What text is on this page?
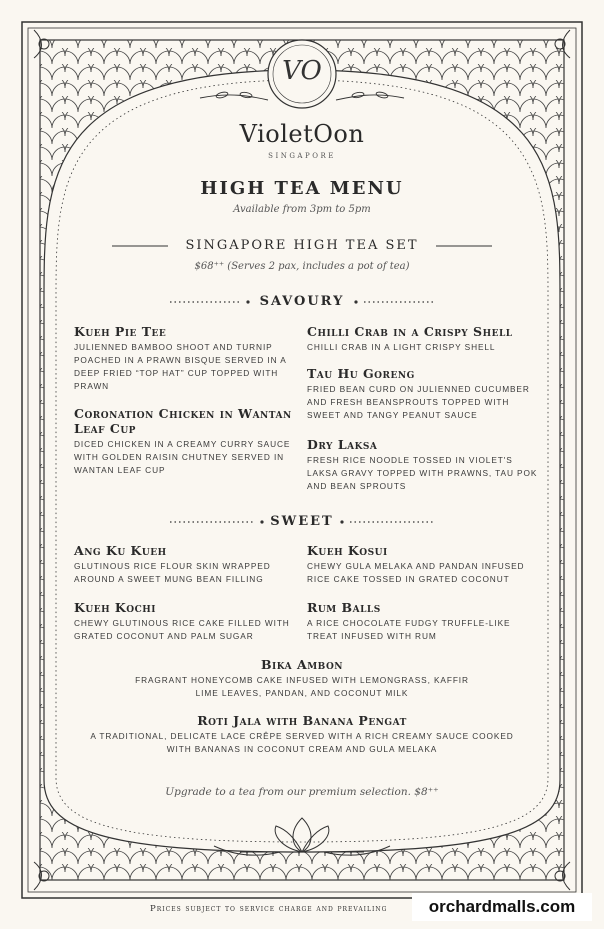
VO
VioletOon
SINGAPORE
HIGH TEA MENU
Available from 3pm to 5pm
SINGAPORE HIGH TEA SET
$68⁺⁺ (Serves 2 pax, includes a pot of tea)
SAVOURY
Kueh Pie Tee
JULIENNED BAMBOO SHOOT AND TURNIP POACHED IN A PRAWN BISQUE SERVED IN A DEEP FRIED “TOP HAT” CUP TOPPED WITH PRAWN
Coronation Chicken in Wantan Leaf Cup
DICED CHICKEN IN A CREAMY CURRY SAUCE WITH GOLDEN RAISIN CHUTNEY SERVED IN WANTAN LEAF CUP
Chilli Crab in a Crispy Shell
CHILLI CRAB IN A LIGHT CRISPY SHELL
Tau Hu Goreng
FRIED BEAN CURD ON JULIENNED CUCUMBER AND FRESH BEANSPROUTS TOPPED WITH SWEET AND TANGY PEANUT SAUCE
Dry Laksa
FRESH RICE NOODLE TOSSED IN VIOLET'S LAKSA GRAVY TOPPED WITH PRAWNS, TAU POK AND BEAN SPROUTS
SWEET
Ang Ku Kueh
GLUTINOUS RICE FLOUR SKIN WRAPPED AROUND A SWEET MUNG BEAN FILLING
Kueh Kochi
CHEWY GLUTINOUS RICE CAKE FILLED WITH GRATED COCONUT AND PALM SUGAR
Kueh Kosui
CHEWY GULA MELAKA AND PANDAN INFUSED RICE CAKE TOSSED IN GRATED COCONUT
Rum Balls
A RICE CHOCOLATE FUDGY TRUFFLE-LIKE TREAT INFUSED WITH RUM
Bika Ambon
FRAGRANT HONEYCOMB CAKE INFUSED WITH LEMONGRASS, KAFFIR LIME LEAVES, PANDAN, AND COCONUT MILK
Roti Jala with Banana Pengat
A TRADITIONAL, DELICATE LACE CRÊPE SERVED WITH A RICH CREAMY SAUCE COOKED WITH BANANAS IN COCONUT CREAM AND GULA MELAKA
Upgrade to a tea from our premium selection. $8⁺⁺
Prices subject to service charge and prevailing	orchardmalls.com
